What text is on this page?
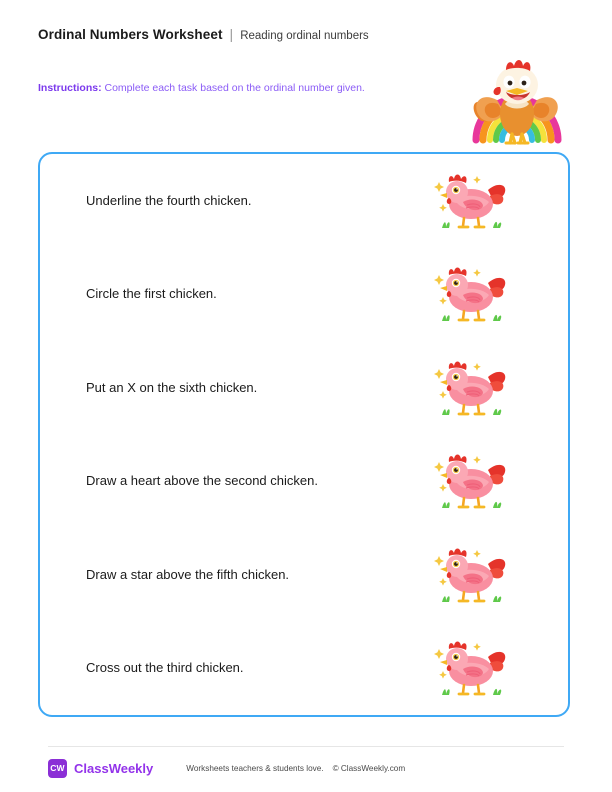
Ordinal Numbers Worksheet | Reading ordinal numbers
Instructions: Complete each task based on the ordinal number given.
Underline the fourth chicken.
Circle the first chicken.
Put an X on the sixth chicken.
Draw a heart above the second chicken.
Draw a star above the fifth chicken.
Cross out the third chicken.
CW ClassWeekly	Worksheets teachers & students love. © ClassWeekly.com
